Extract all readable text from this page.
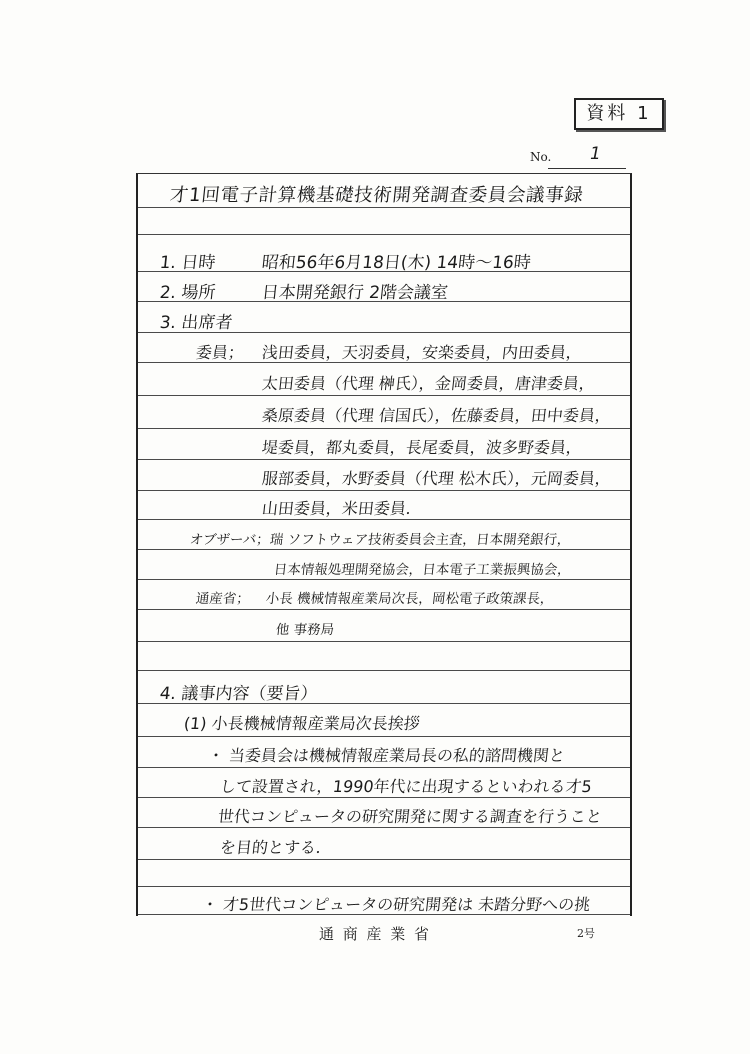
資料 1
No. 1
才1回電子計算機基礎技術開発調査委員会議事録
1. 日時	昭和56年6月18日(木) 14時〜16時
2. 場所	日本開発銀行 2階会議室
3. 出席者
委員； 浅田委員，天羽委員，安楽委員，内田委員，
太田委員（代理 榊氏），金岡委員，唐津委員，
桑原委員（代理 信国氏），佐藤委員，田中委員，
堤委員，都丸委員，長尾委員，波多野委員，
服部委員，水野委員（代理 松木氏），元岡委員，
山田委員，米田委員．
オブザーバ；
瑞 ソフトウェア技術委員会主査，日本開発銀行，
日本情報処理開発協会，日本電子工業振興協会，
通産省； 小長 機械情報産業局次長，岡松電子政策課長，
他 事務局
4. 議事内容（要旨）
(1) 小長機械情報産業局次長挨拶
・ 当委員会は機械情報産業局長の私的諮問機関と
して設置され，1990年代に出現するといわれる才5
世代コンピュータの研究開発に関する調査を行うこと
を目的とする．
・ 才5世代コンピュータの研究開発は 未踏分野への挑
通 商 産 業 省	2号
